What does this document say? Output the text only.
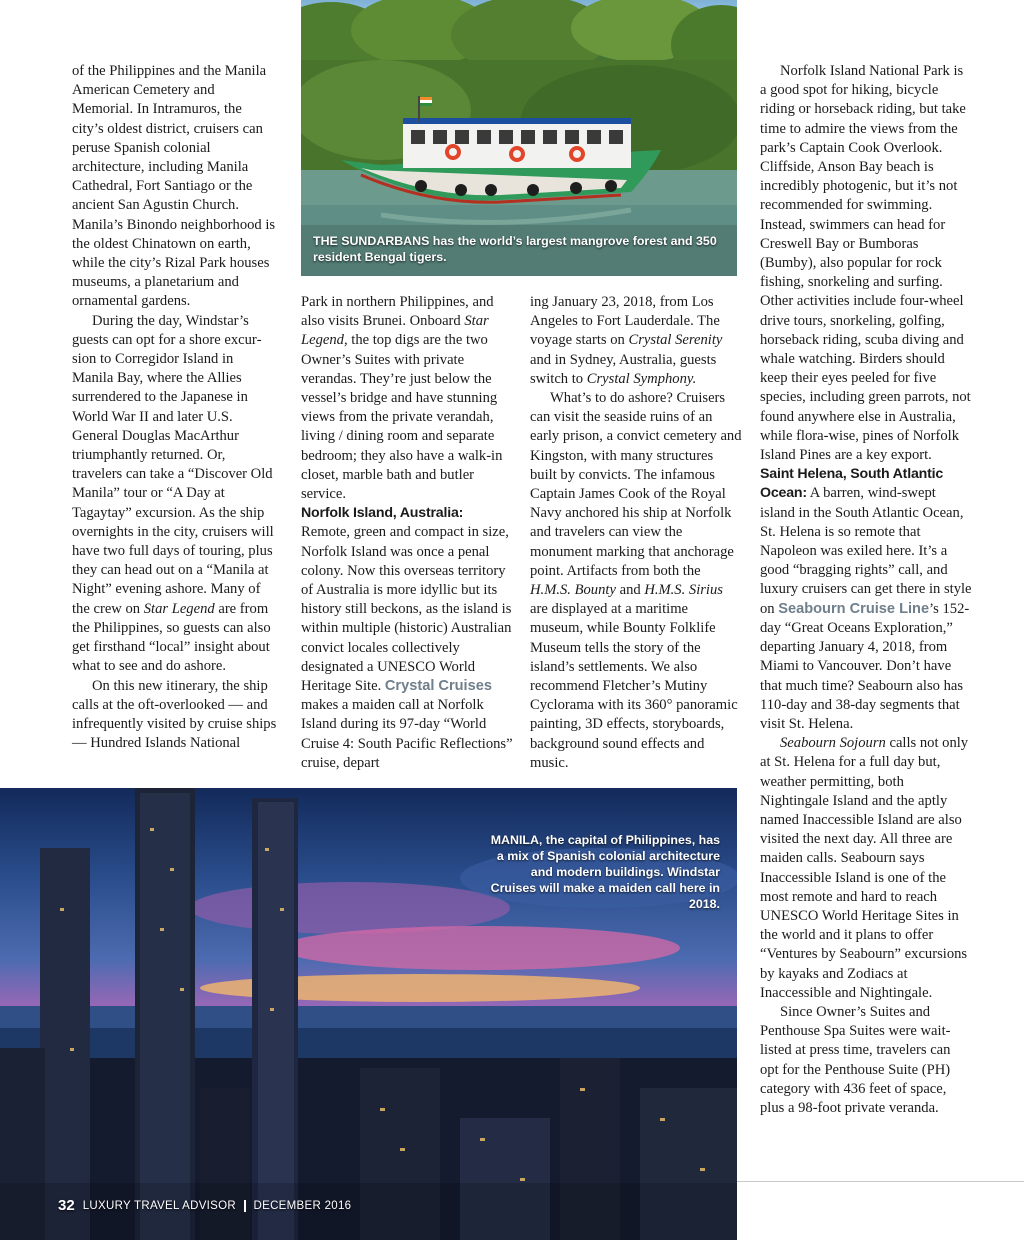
THE SUNDARBANS has the world’s largest mangrove forest and 350 resident Bengal tigers.
MANILA, the capital of Philippines, has a mix of Spanish colonial architecture and modern buildings. Windstar Cruises will make a maiden call here in 2018.

of the Philippines and the Manila American Cemetery and Memorial. In Intramuros, the city’s oldest district, cruisers can peruse Spanish colonial architecture, including Manila Cathedral, Fort Santiago or the ancient San Agustin Church. Manila’s Binondo neighborhood is the oldest Chinatown on earth, while the city’s Rizal Park houses museums, a planetarium and ornamental gardens.

During the day, Windstar’s guests can opt for a shore excursion to Corregidor Island in Manila Bay, where the Allies surrendered to the Japanese in World War II and later U.S. General Douglas MacArthur triumphantly returned. Or, travelers can take a “Discover Old Manila” tour or “A Day at Tagaytay” excursion. As the ship overnights in the city, cruisers will have two full days of touring, plus they can head out on a “Manila at Night” evening ashore. Many of the crew on Star Legend are from the Philippines, so guests can also get firsthand “local” insight about what to see and do ashore.

On this new itinerary, the ship calls at the oft-overlooked — and infrequently visited by cruise ships — Hundred Islands National

Park in northern Philippines, and also visits Brunei. Onboard Star Legend, the top digs are the two Owner’s Suites with private verandas. They’re just below the vessel’s bridge and have stunning views from the private verandah, living / dining room and separate bedroom; they also have a walk-in closet, marble bath and butler service.

Norfolk Island, Australia: Remote, green and compact in size, Norfolk Island was once a penal colony. Now this overseas territory of Australia is more idyllic but its history still beckons, as the island is within multiple (historic) Australian convict locales collectively designated a UNESCO World Heritage Site. Crystal Cruises makes a maiden call at Norfolk Island during its 97-day “World Cruise 4: South Pacific Reflections” cruise, depart

ing January 23, 2018, from Los Angeles to Fort Lauderdale. The voyage starts on Crystal Serenity and in Sydney, Australia, guests switch to Crystal Symphony.

What’s to do ashore? Cruisers can visit the seaside ruins of an early prison, a convict cemetery and Kingston, with many structures built by convicts. The infamous Captain James Cook of the Royal Navy anchored his ship at Norfolk and travelers can view the monument marking that anchorage point. Artifacts from both the H.M.S. Bounty and H.M.S. Sirius are displayed at a maritime museum, while Bounty Folklife Museum tells the story of the island’s settlements. We also recommend Fletcher’s Mutiny Cyclorama with its 360° panoramic painting, 3D effects, storyboards, background sound effects and music.

Norfolk Island National Park is a good spot for hiking, bicycle riding or horseback riding, but take time to admire the views from the park’s Captain Cook Overlook. Cliffside, Anson Bay beach is incredibly photogenic, but it’s not recommended for swimming. Instead, swimmers can head for Creswell Bay or Bumboras (Bumby), also popular for rock fishing, snorkeling and surfing. Other activities include four-wheel drive tours, snorkeling, golfing, horseback riding, scuba diving and whale watching. Birders should keep their eyes peeled for five species, including green parrots, not found anywhere else in Australia, while flora-wise, pines of Norfolk Island Pines are a key export.

Saint Helena, South Atlantic Ocean: A barren, wind-swept island in the South Atlantic Ocean, St. Helena is so remote that Napoleon was exiled here. It’s a good “bragging rights” call, and luxury cruisers can get there in style on Seabourn Cruise Line’s 152-day “Great Oceans Exploration,” departing January 4, 2018, from Miami to Vancouver. Don’t have that much time? Seabourn also has 110-day and 38-day segments that visit St. Helena.

Seabourn Sojourn calls not only at St. Helena for a full day but, weather permitting, both Nightingale Island and the aptly named Inaccessible Island are also visited the next day. All three are maiden calls. Seabourn says Inaccessible Island is one of the most remote and hard to reach UNESCO World Heritage Sites in the world and it plans to offer “Ventures by Seabourn” excursions by kayaks and Zodiacs at Inaccessible and Nightingale.

Since Owner’s Suites and Penthouse Spa Suites were waitlisted at press time, travelers can opt for the Penthouse Suite (PH) category with 436 feet of space, plus a 98-foot private veranda.

32 LUXURY TRAVEL ADVISOR DECEMBER 2016
